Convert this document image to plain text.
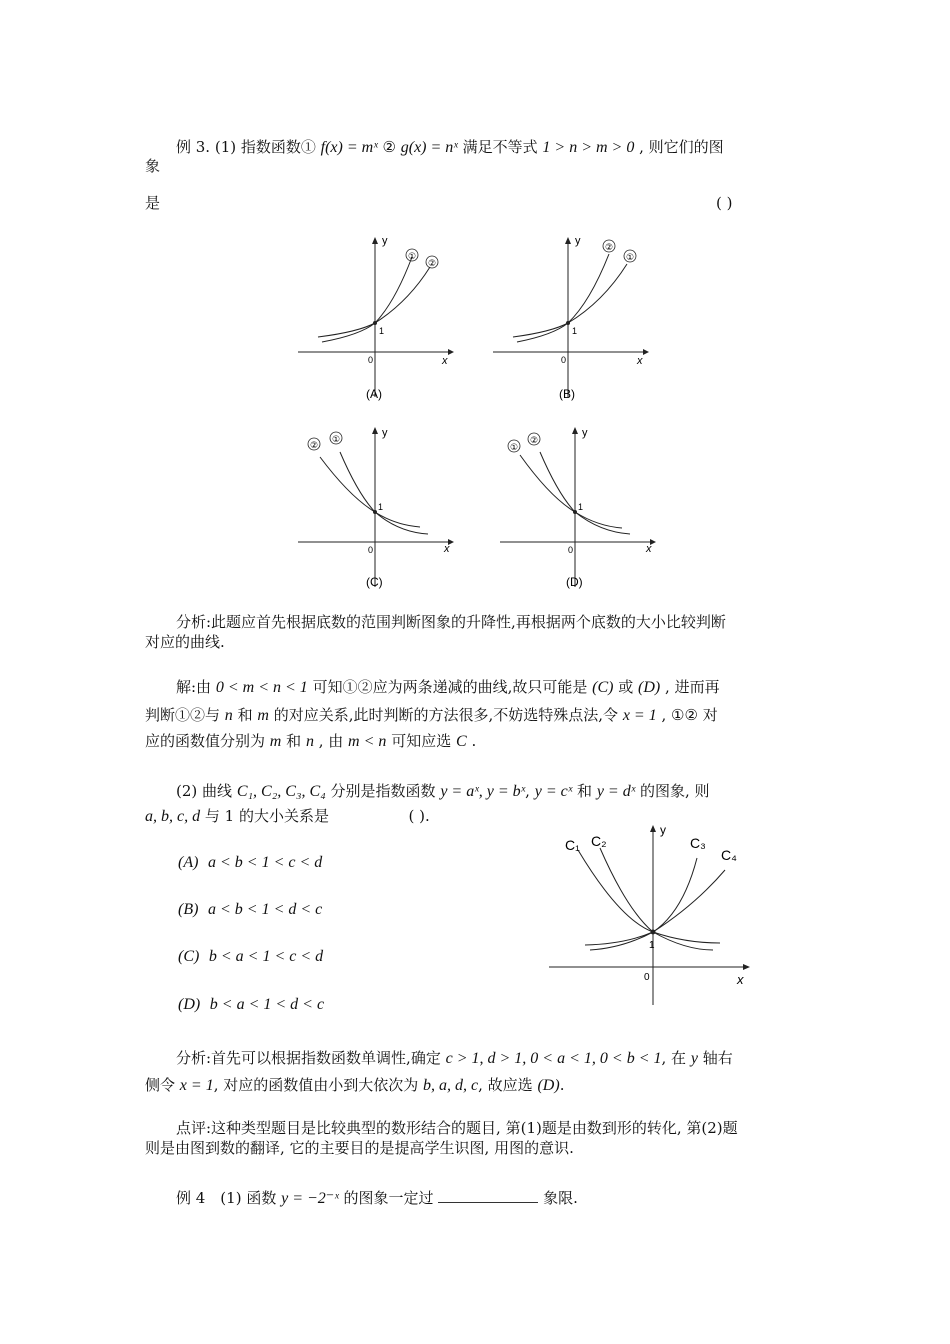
例 3. (1) 指数函数① f(x) = mˣ ② g(x) = nˣ 满足不等式 1 > n > m > 0 , 则它们的图
象
是	( )
y
x
0
1
①
②
(A)
y
x
0
1
②
①
(B)
y
x
0
1
②
①
(C)
y
x
0
1
①
②
(D)
分析:此题应首先根据底数的范围判断图象的升降性,再根据两个底数的大小比较判断
对应的曲线.
解:由 0 < m < n < 1 可知①②应为两条递减的曲线,故只可能是 (C) 或 (D) , 进而再
判断①②与 n 和 m 的对应关系,此时判断的方法很多,不妨选特殊点法,令 x = 1 , ①② 对
应的函数值分别为 m 和 n , 由 m < n 可知应选 C .
(2) 曲线 C₁, C₂, C₃, C₄ 分别是指数函数 y = aˣ, y = bˣ, y = cˣ 和 y = dˣ 的图象, 则
a, b, c, d 与 1 的大小关系是	( ).
(A) a < b < 1 < c < d
(B) a < b < 1 < d < c
(C) b < a < 1 < c < d
(D) b < a < 1 < d < c
C₁ C₂	C₃
C₄
y
x
0
1
分析:首先可以根据指数函数单调性,确定 c > 1, d > 1, 0 < a < 1, 0 < b < 1, 在 y 轴右
侧令 x = 1, 对应的函数值由小到大依次为 b, a, d, c, 故应选 (D).
点评:这种类型题目是比较典型的数形结合的题目, 第(1)题是由数到形的转化, 第(2)题
则是由图到数的翻译, 它的主要目的是提高学生识图, 用图的意识.
例 4　(1) 函数 y = −2⁻ˣ 的图象一定过	象限.
